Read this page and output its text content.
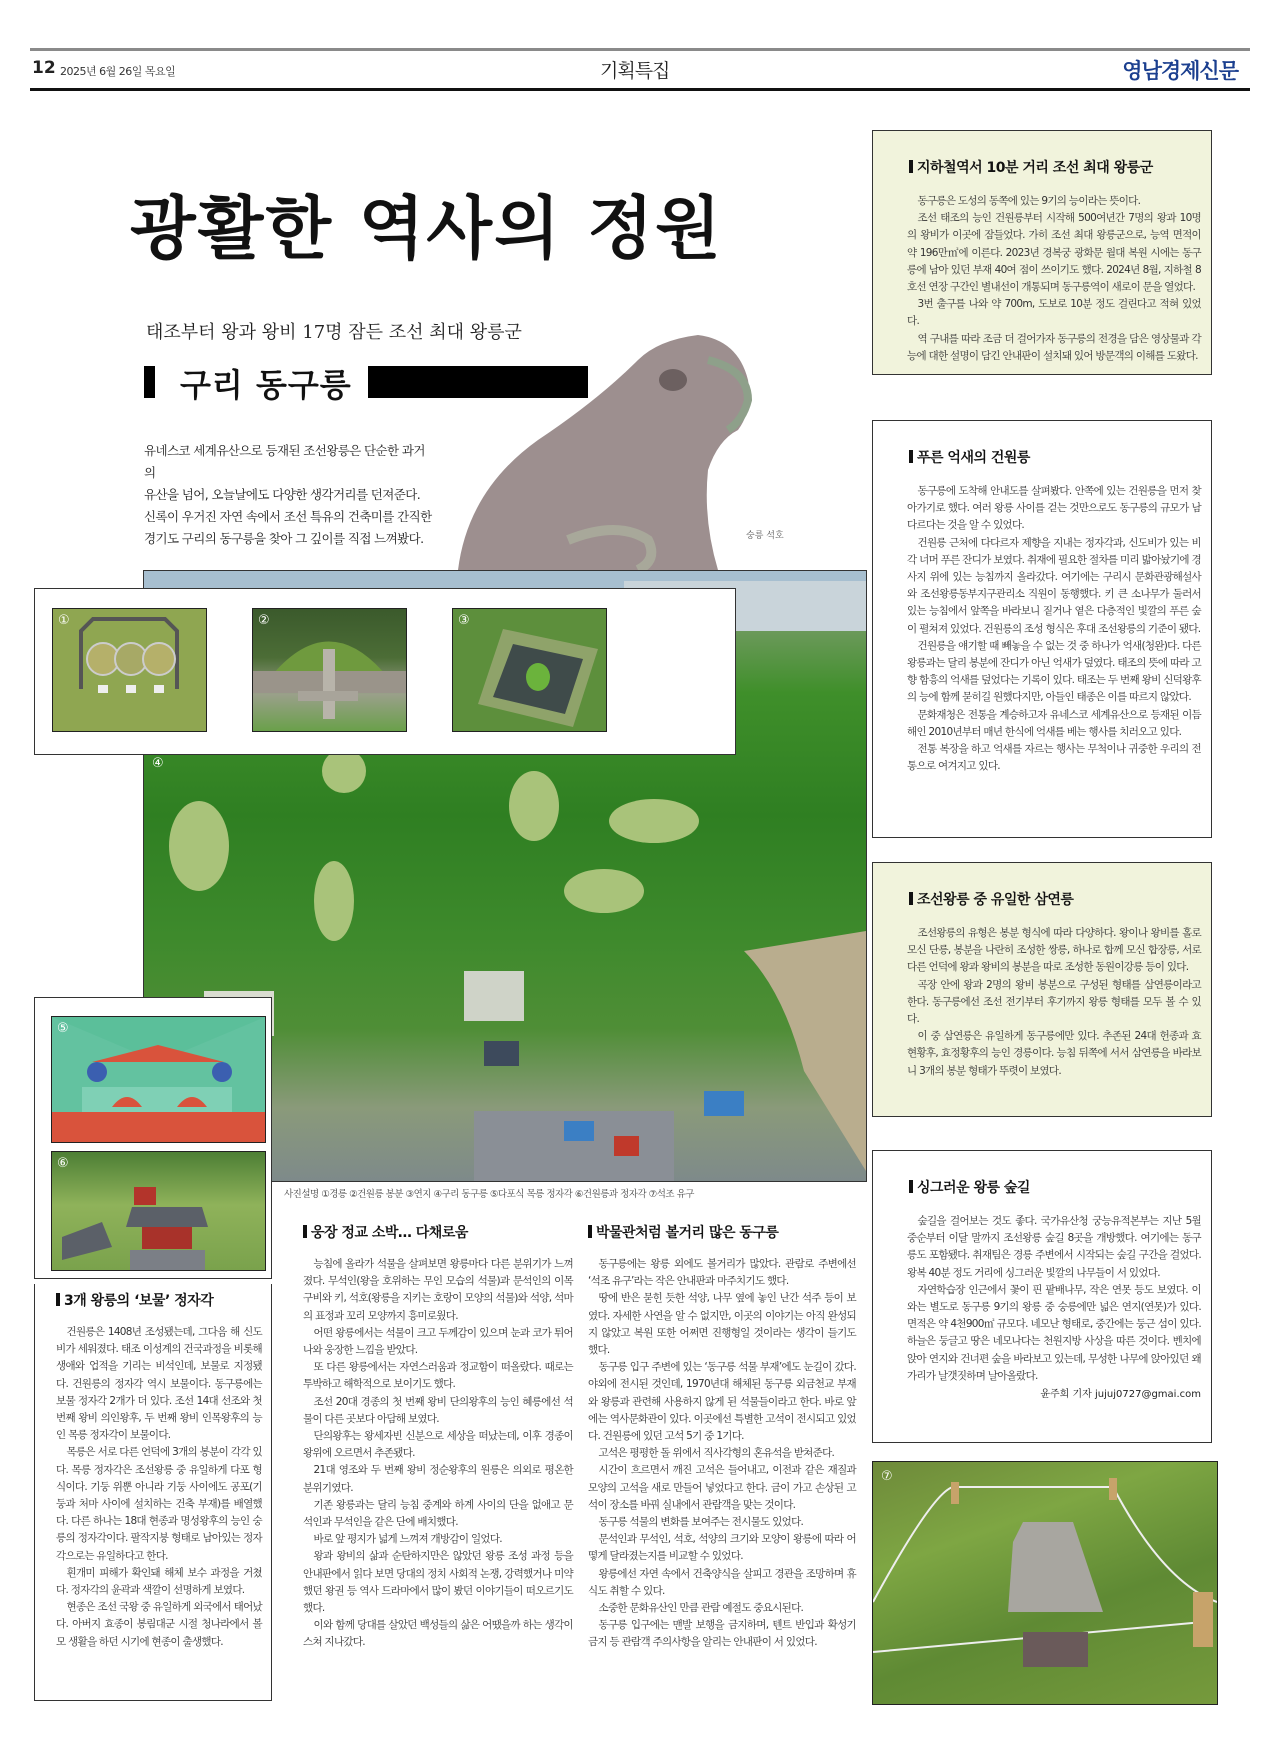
12 2025년 6월 26일 목요일	기획특집	영남경제신문
광활한 역사의 정원
태조부터 왕과 왕비 17명 잠든 조선 최대 왕릉군
구리 동구릉
유네스코 세계유산으로 등재된 조선왕릉은 단순한 과거의
유산을 넘어, 오늘날에도 다양한 생각거리를 던져준다.
신록이 우거진 자연 속에서 조선 특유의 건축미를 간직한
경기도 구리의 동구릉을 찾아 그 깊이를 직접 느껴봤다.
④
숭릉 석호
①	②	③
⑤
⑥
사진설명 ①경릉 ②건원릉 봉분 ③연지 ④구리 동구릉 ⑤다포식 목릉 정자각 ⑥건원릉과 정자각 ⑦석조 유구
지하철역서 10분 거리 조선 최대 왕릉군

동구릉은 도성의 동쪽에 있는 9기의 능이라는 뜻이다.

조선 태조의 능인 건원릉부터 시작해 500여년간 7명의 왕과 10명의 왕비가 이곳에 잠들었다. 가히 조선 최대 왕릉군으로, 능역 면적이 약 196만㎡에 이른다. 2023년 경복궁 광화문 월대 복원 시에는 동구릉에 남아 있던 부재 40여 점이 쓰이기도 했다. 2024년 8월, 지하철 8호선 연장 구간인 별내선이 개통되며 동구릉역이 새로이 문을 열었다.

3번 출구를 나와 약 700m, 도보로 10분 정도 걸린다고 적혀 있었다.

역 구내를 따라 조금 더 걸어가자 동구릉의 전경을 담은 영상물과 각 능에 대한 설명이 담긴 안내판이 설치돼 있어 방문객의 이해를 도왔다.

푸른 억새의 건원릉

동구릉에 도착해 안내도를 살펴봤다. 안쪽에 있는 건원릉을 먼저 찾아가기로 했다. 여러 왕릉 사이를 걷는 것만으로도 동구릉의 규모가 남다르다는 것을 알 수 있었다.

건원릉 근처에 다다르자 제향을 지내는 정자각과, 신도비가 있는 비각 너머 푸른 잔디가 보였다. 취재에 필요한 절차를 미리 밟아놨기에 경사지 위에 있는 능침까지 올라갔다. 여기에는 구리시 문화관광해설사와 조선왕릉동부지구관리소 직원이 동행했다. 키 큰 소나무가 둘러서 있는 능침에서 앞쪽을 바라보니 짙거나 옅은 다층적인 빛깔의 푸른 숲이 펼쳐져 있었다. 건원릉의 조성 형식은 후대 조선왕릉의 기준이 됐다.

건원릉을 얘기할 때 빼놓을 수 없는 것 중 하나가 억새(청완)다. 다른 왕릉과는 달리 봉분에 잔디가 아닌 억새가 덮였다. 태조의 뜻에 따라 고향 함흥의 억새를 덮었다는 기록이 있다. 태조는 두 번째 왕비 신덕왕후의 능에 함께 묻히길 원했다지만, 아들인 태종은 이를 따르지 않았다.

문화재청은 전통을 계승하고자 유네스코 세계유산으로 등재된 이듬해인 2010년부터 매년 한식에 억새를 베는 행사를 치러오고 있다.

전통 복장을 하고 억새를 자르는 행사는 무척이나 귀중한 우리의 전통으로 여겨지고 있다.

조선왕릉 중 유일한 삼연릉

조선왕릉의 유형은 봉분 형식에 따라 다양하다. 왕이나 왕비를 홀로 모신 단릉, 봉분을 나란히 조성한 쌍릉, 하나로 합께 모신 합장릉, 서로 다른 언덕에 왕과 왕비의 봉분을 따로 조성한 동원이강릉 등이 있다.

곡장 안에 왕과 2명의 왕비 봉분으로 구성된 형태를 삼연릉이라고 한다. 동구릉에선 조선 전기부터 후기까지 왕릉 형태를 모두 볼 수 있다.

이 중 삼연릉은 유일하게 동구릉에만 있다. 추존된 24대 헌종과 효현황후, 효정황후의 능인 경릉이다. 능침 뒤쪽에 서서 삼연릉을 바라보니 3개의 봉분 형태가 뚜렷이 보였다.

싱그러운 왕릉 숲길

숲길을 걸어보는 것도 좋다. 국가유산청 궁능유적본부는 지난 5월 중순부터 이달 말까지 조선왕릉 숲길 8곳을 개방했다. 여기에는 동구릉도 포함됐다. 취재팀은 경릉 주변에서 시작되는 숲길 구간을 걸었다. 왕복 40분 정도 거리에 싱그러운 빛깔의 나무들이 서 있었다.

자연학습장 인근에서 꽃이 핀 팥배나무, 작은 연못 등도 보였다. 이와는 별도로 동구릉 9기의 왕릉 중 숭릉에만 넓은 연지(연못)가 있다. 면적은 약 4천900㎡ 규모다. 네모난 형태로, 중간에는 둥근 섬이 있다. 하늘은 둥글고 땅은 네모나다는 천원지방 사상을 따른 것이다. 벤치에 앉아 연지와 건너편 숲을 바라보고 있는데, 무성한 나무에 앉아있던 왜가리가 날갯짓하며 날아올랐다.

윤주희 기자 jujuj0727@gmai.com
⑦
3개 왕릉의 ‘보물’ 정자각

건원릉은 1408년 조성됐는데, 그다음 해 신도비가 세워졌다. 태조 이성계의 건국과정을 비롯해 생애와 업적을 기리는 비석인데, 보물로 지정됐다. 건원릉의 정자각 역시 보물이다. 동구릉에는 보물 정자각 2개가 더 있다. 조선 14대 선조와 첫 번째 왕비 의인왕후, 두 번째 왕비 인목왕후의 능인 목릉 정자각이 보물이다.

목릉은 서로 다른 언덕에 3개의 봉분이 각각 있다. 목릉 정자각은 조선왕릉 중 유일하게 다포 형식이다. 기둥 위뿐 아니라 기둥 사이에도 공포(기둥과 처마 사이에 설치하는 건축 부재)를 배열했다. 다른 하나는 18대 현종과 명성왕후의 능인 숭릉의 정자각이다. 팔작지붕 형태로 남아있는 정자각으로는 유일하다고 한다.

흰개미 피해가 확인돼 해체 보수 과정을 거쳤다. 정자각의 윤곽과 색깔이 선명하게 보였다.

현종은 조선 국왕 중 유일하게 외국에서 태어났다. 아버지 효종이 봉림대군 시절 청나라에서 볼모 생활을 하던 시기에 현종이 출생했다.

웅장 정교 소박… 다채로움

능침에 올라가 석물을 살펴보면 왕릉마다 다른 분위기가 느껴졌다. 무석인(왕을 호위하는 무인 모습의 석물)과 문석인의 이목구비와 키, 석호(왕릉을 지키는 호랑이 모양의 석물)와 석양, 석마의 표정과 꼬리 모양까지 흥미로웠다.

어떤 왕릉에서는 석물이 크고 두께감이 있으며 눈과 코가 튀어나와 웅장한 느낌을 받았다.

또 다른 왕릉에서는 자연스러움과 정교함이 떠올랐다. 때로는 투박하고 해학적으로 보이기도 했다.

조선 20대 경종의 첫 번째 왕비 단의왕후의 능인 혜릉에선 석물이 다른 곳보다 아담해 보였다.

단의왕후는 왕세자빈 신분으로 세상을 떠났는데, 이후 경종이 왕위에 오르면서 추존됐다.

21대 영조와 두 번째 왕비 정순왕후의 원릉은 의외로 평온한 분위기였다.

기존 왕릉과는 달리 능침 중계와 하계 사이의 단을 없애고 문석인과 무석인을 같은 단에 배치했다.

바로 앞 평지가 넓게 느껴져 개방감이 일었다.

왕과 왕비의 삶과 순탄하지만은 않았던 왕릉 조성 과정 등을 안내판에서 읽다 보면 당대의 정치 사회적 논쟁, 강력했거나 미약했던 왕권 등 역사 드라마에서 많이 봤던 이야기들이 떠오르기도 했다.

이와 함께 당대를 살았던 백성들의 삶은 어땠을까 하는 생각이 스쳐 지나갔다.

박물관처럼 볼거리 많은 동구릉

동구릉에는 왕릉 외에도 볼거리가 많았다. 관람로 주변에선 ‘석조 유구’라는 작은 안내판과 마주치기도 했다.

땅에 반은 묻힌 듯한 석양, 나무 옆에 놓인 난간 석주 등이 보였다. 자세한 사연을 알 수 없지만, 이곳의 이야기는 아직 완성되지 않았고 복원 또한 어쩌면 진행형일 것이라는 생각이 들기도 했다.

동구릉 입구 주변에 있는 ‘동구릉 석물 부재’에도 눈길이 갔다. 야외에 전시된 것인데, 1970년대 해체된 동구릉 외금천교 부재와 왕릉과 관련해 사용하지 않게 된 석물들이라고 한다. 바로 앞에는 역사문화관이 있다. 이곳에선 특별한 고석이 전시되고 있었다. 건원릉에 있던 고석 5기 중 1기다.

고석은 평평한 돌 위에서 직사각형의 혼유석을 받쳐준다.

시간이 흐르면서 깨진 고석은 들어내고, 이전과 같은 재질과 모양의 고석을 새로 만들어 넣었다고 한다. 금이 가고 손상된 고석이 장소를 바꿔 실내에서 관람객을 맞는 것이다.

동구릉 석물의 변화를 보여주는 전시물도 있었다.

문석인과 무석인, 석호, 석양의 크기와 모양이 왕릉에 따라 어떻게 달라졌는지를 비교할 수 있었다.

왕릉에선 자연 속에서 건축양식을 살피고 경관을 조망하며 휴식도 취할 수 있다.

소중한 문화유산인 만큼 관람 예절도 중요시된다.

동구릉 입구에는 맨발 보행을 금지하며, 텐트 반입과 확성기 금지 등 관람객 주의사항을 알리는 안내판이 서 있었다.
